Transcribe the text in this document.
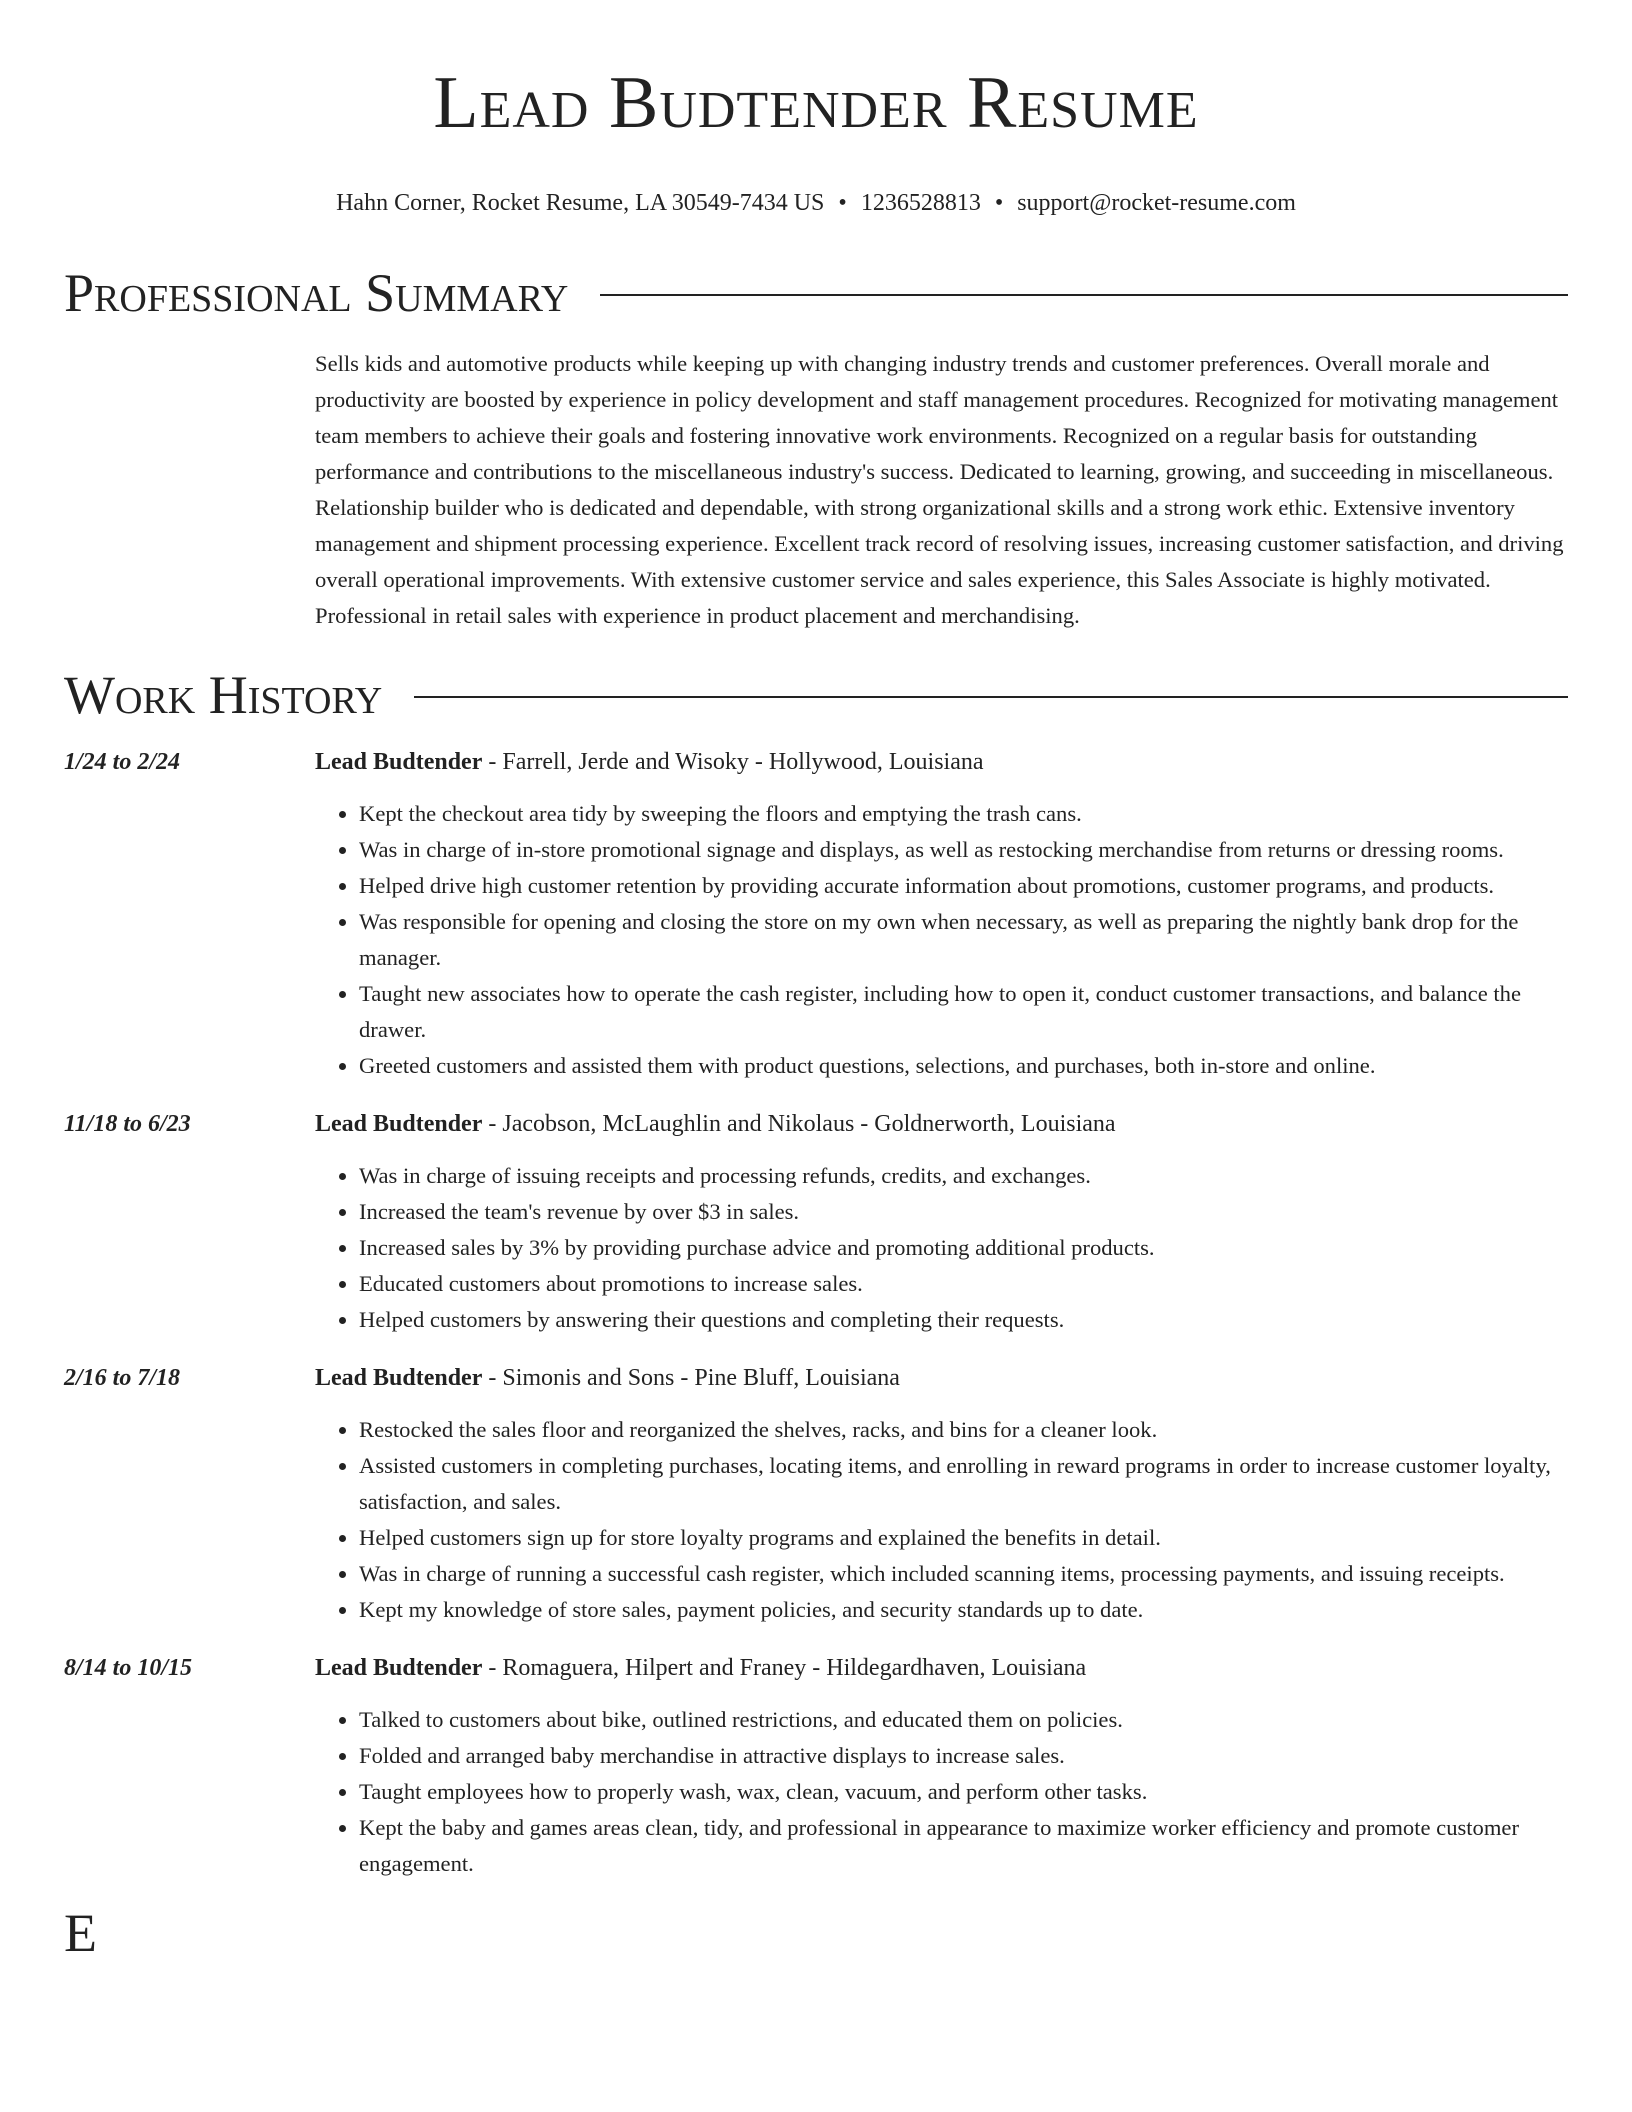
Lead Budtender Resume
Hahn Corner, Rocket Resume, LA 30549-7434 US • 1236528813 • support@rocket-resume.com
Professional Summary
Sells kids and automotive products while keeping up with changing industry trends and customer preferences. Overall morale and productivity are boosted by experience in policy development and staff management procedures. Recognized for motivating management team members to achieve their goals and fostering innovative work environments. Recognized on a regular basis for outstanding performance and contributions to the miscellaneous industry's success. Dedicated to learning, growing, and succeeding in miscellaneous. Relationship builder who is dedicated and dependable, with strong organizational skills and a strong work ethic. Extensive inventory management and shipment processing experience. Excellent track record of resolving issues, increasing customer satisfaction, and driving overall operational improvements. With extensive customer service and sales experience, this Sales Associate is highly motivated. Professional in retail sales with experience in product placement and merchandising.
Work History
1/24 to 2/24	Lead Budtender - Farrell, Jerde and Wisoky - Hollywood, Louisiana
• Kept the checkout area tidy by sweeping the floors and emptying the trash cans.
• Was in charge of in-store promotional signage and displays, as well as restocking merchandise from returns or dressing rooms.
• Helped drive high customer retention by providing accurate information about promotions, customer programs, and products.
• Was responsible for opening and closing the store on my own when necessary, as well as preparing the nightly bank drop for the manager.
• Taught new associates how to operate the cash register, including how to open it, conduct customer transactions, and balance the drawer.
• Greeted customers and assisted them with product questions, selections, and purchases, both in-store and online.
11/18 to 6/23	Lead Budtender - Jacobson, McLaughlin and Nikolaus - Goldnerworth, Louisiana
• Was in charge of issuing receipts and processing refunds, credits, and exchanges.
• Increased the team's revenue by over $3 in sales.
• Increased sales by 3% by providing purchase advice and promoting additional products.
• Educated customers about promotions to increase sales.
• Helped customers by answering their questions and completing their requests.
2/16 to 7/18	Lead Budtender - Simonis and Sons - Pine Bluff, Louisiana
• Restocked the sales floor and reorganized the shelves, racks, and bins for a cleaner look.
• Assisted customers in completing purchases, locating items, and enrolling in reward programs in order to increase customer loyalty, satisfaction, and sales.
• Helped customers sign up for store loyalty programs and explained the benefits in detail.
• Was in charge of running a successful cash register, which included scanning items, processing payments, and issuing receipts.
• Kept my knowledge of store sales, payment policies, and security standards up to date.
8/14 to 10/15	Lead Budtender - Romaguera, Hilpert and Franey - Hildegardhaven, Louisiana
• Talked to customers about bike, outlined restrictions, and educated them on policies.
• Folded and arranged baby merchandise in attractive displays to increase sales.
• Taught employees how to properly wash, wax, clean, vacuum, and perform other tasks.
• Kept the baby and games areas clean, tidy, and professional in appearance to maximize worker efficiency and promote customer engagement.
E
